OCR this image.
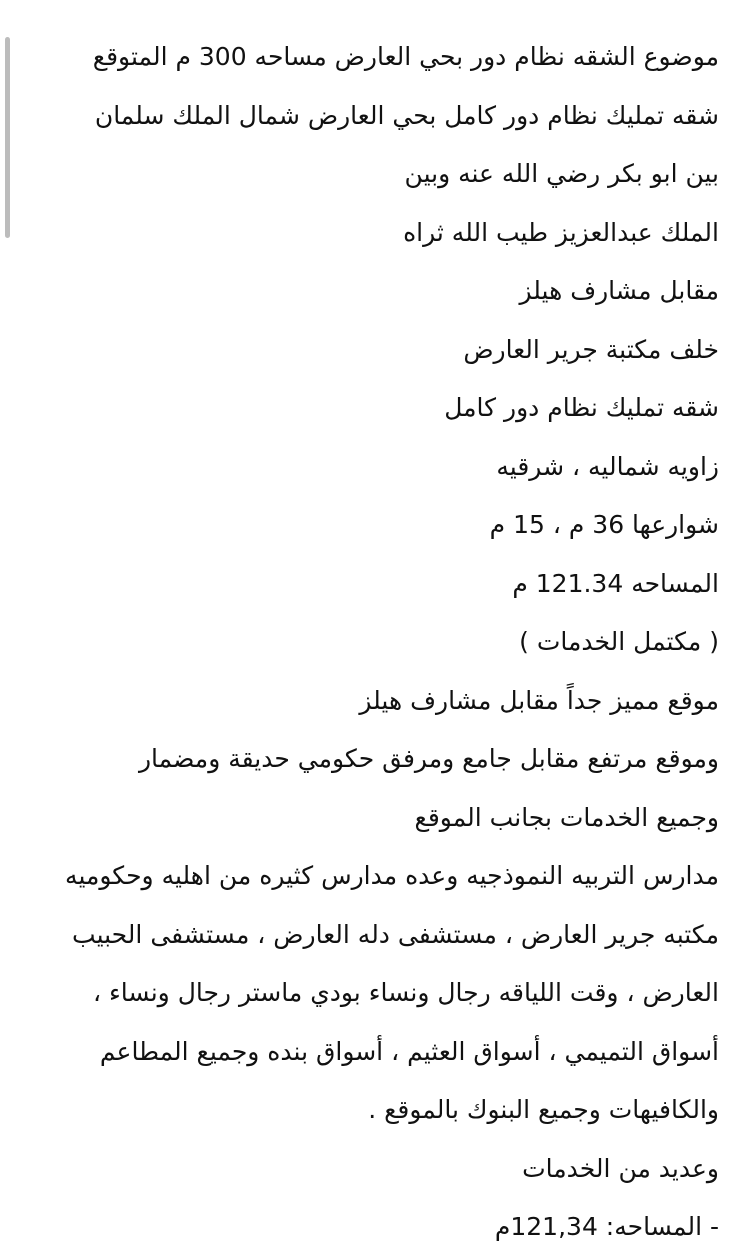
موضوع الشقه نظام دور بحي العارض مساحه 300 م المتوقع
شقه تمليك نظام دور كامل بحي العارض شمال الملك سلمان
بين ابو بكر رضي الله عنه وبين
الملك عبدالعزيز طيب الله ثراه
مقابل مشارف هيلز
خلف مكتبة جرير العارض
شقه تمليك نظام دور كامل
زاويه شماليه ، شرقيه
شوارعها 36 م ، 15 م
المساحه 121.34 م
( مكتمل الخدمات )
موقع مميز جداً مقابل مشارف هيلز
وموقع مرتفع مقابل جامع ومرفق حكومي حديقة ومضمار
وجميع الخدمات بجانب الموقع
مدارس التربيه النموذجيه وعده مدارس كثيره من اهليه وحكوميه
مكتبه جرير العارض ، مستشفى دله العارض ، مستشفى الحبيب
العارض ، وقت اللياقه رجال ونساء بودي ماستر رجال ونساء ،
أسواق التميمي ، أسواق العثيم ، أسواق بنده وجميع المطاعم
والكافيهات وجميع البنوك بالموقع .
وعديد من الخدمات
- المساحه: 121,34م
